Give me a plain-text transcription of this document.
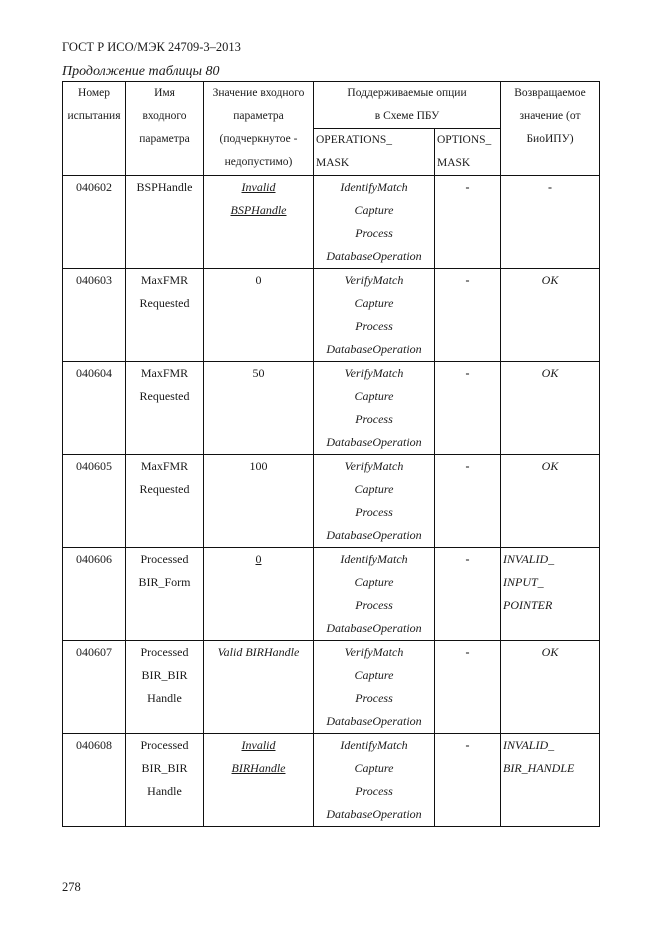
ГОСТ Р ИСО/МЭК 24709-3–2013
Продолжение таблицы 80
Номер
испытания	Имя
входного
параметра	Значение входного
параметра
(подчеркнутое -
недопустимо)	Поддерживаемые опции
в Схеме ПБУ		Возвращаемое
значение (от
БиоИПУ)

			OPERATIONS_
MASK	OPTIONS_
MASK	

040602	BSPHandle	Invalid
BSPHandle	IdentifyMatch
Capture
Process
DatabaseOperation	-	-

040603	MaxFMR
Requested	0	VerifyMatch
Capture
Process
DatabaseOperation	-	OK

040604	MaxFMR
Requested	50	VerifyMatch
Capture
Process
DatabaseOperation	-	OK

040605	MaxFMR
Requested	100	VerifyMatch
Capture
Process
DatabaseOperation	-	OK

040606	Processed
BIR_Form	0	IdentifyMatch
Capture
Process
DatabaseOperation	-	INVALID_
INPUT_
POINTER

040607	Processed
BIR_BIR
Handle	Valid BIRHandle	VerifyMatch
Capture
Process
DatabaseOperation	-	OK

040608	Processed
BIR_BIR
Handle	Invalid
BIRHandle	IdentifyMatch
Capture
Process
DatabaseOperation	-	INVALID_
BIR_HANDLE
278
